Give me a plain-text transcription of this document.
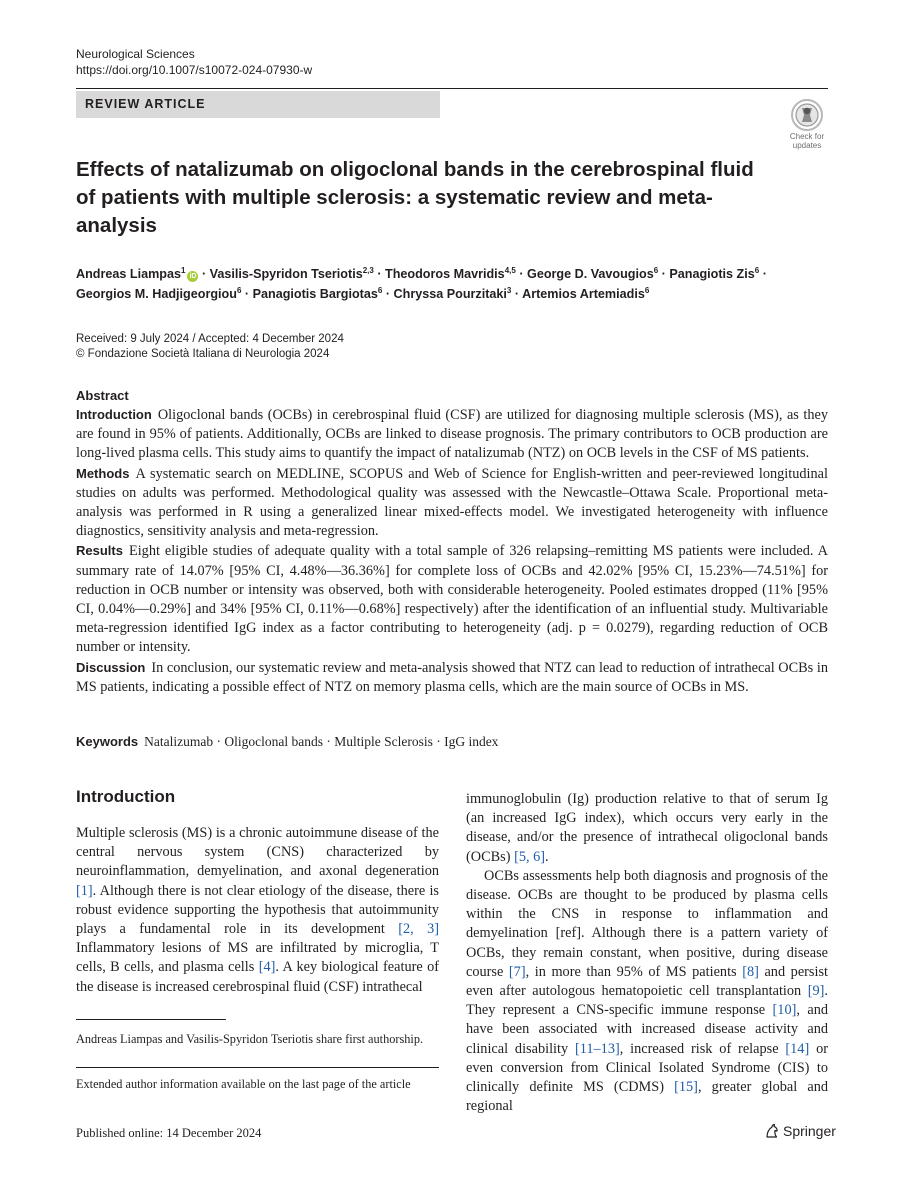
Neurological Sciences
https://doi.org/10.1007/s10072-024-07930-w
REVIEW ARTICLE
Check for
updates
Effects of natalizumab on oligoclonal bands in the cerebrospinal fluid of patients with multiple sclerosis: a systematic review and meta-analysis
Andreas Liampas$^1$iD · Vasilis-Spyridon Tseriotis$^{2,3}$ · Theodoros Mavridis$^{4,5}$ · George D. Vavougios$^6$ · Panagiotis Zis$^6$ ·
Georgios M. Hadjigeorgiou$^6$ · Panagiotis Bargiotas$^6$ · Chryssa Pourzitaki$^3$ · Artemios Artemiadis$^6$
Received: 9 July 2024 / Accepted: 4 December 2024
© Fondazione Società Italiana di Neurologia 2024
Abstract

Introduction Oligoclonal bands (OCBs) in cerebrospinal fluid (CSF) are utilized for diagnosing multiple sclerosis (MS), as they are found in 95% of patients. Additionally, OCBs are linked to disease prognosis. The primary contributors to OCB production are long-lived plasma cells. This study aims to quantify the impact of natalizumab (NTZ) on OCB levels in the CSF of MS patients.

Methods A systematic search on MEDLINE, SCOPUS and Web of Science for English-written and peer-reviewed longitudinal studies on adults was performed. Methodological quality was assessed with the Newcastle–Ottawa Scale. Proportional meta-analysis was performed in R using a generalized linear mixed-effects model. We investigated heterogeneity with influence diagnostics, sensitivity analysis and meta-regression.

Results Eight eligible studies of adequate quality with a total sample of 326 relapsing–remitting MS patients were included. A summary rate of 14.07% [95% CI, 4.48%—36.36%] for complete loss of OCBs and 42.02% [95% CI, 15.23%—74.51%] for reduction in OCB number or intensity was observed, both with considerable heterogeneity. Pooled estimates dropped (11% [95% CI, 0.04%—0.29%] and 34% [95% CI, 0.11%—0.68%] respectively) after the identification of an influential study. Multivariable meta-regression identified IgG index as a factor contributing to heterogeneity (adj. p = 0.0279), regarding reduction of OCB number or intensity.

Discussion In conclusion, our systematic review and meta-analysis showed that NTZ can lead to reduction of intrathecal OCBs in MS patients, indicating a possible effect of NTZ on memory plasma cells, which are the main source of OCBs in MS.

Keywords Natalizumab · Oligoclonal bands · Multiple Sclerosis · IgG index
Introduction

Multiple sclerosis (MS) is a chronic autoimmune disease of the central nervous system (CNS) characterized by neuroinflammation, demyelination, and axonal degeneration [1]. Although there is not clear etiology of the disease, there is robust evidence supporting the hypothesis that autoimmunity plays a fundamental role in its development [2, 3] Inflammatory lesions of MS are infiltrated by microglia, T cells, B cells, and plasma cells [4]. A key biological feature of the disease is increased cerebrospinal fluid (CSF) intrathecal

immunoglobulin (Ig) production relative to that of serum Ig (an increased IgG index), which occurs very early in the disease, and/or the presence of intrathecal oligoclonal bands (OCBs) [5, 6].

OCBs assessments help both diagnosis and prognosis of the disease. OCBs are thought to be produced by plasma cells within the CNS in response to inflammation and demyelination [ref]. Although there is a pattern variety of OCBs, they remain constant, when positive, during disease course [7], in more than 95% of MS patients [8] and persist even after autologous hematopoietic cell transplantation [9]. They represent a CNS-specific immune response [10], and have been associated with increased disease activity and clinical disability [11–13], increased risk of relapse [14] or even conversion from Clinical Isolated Syndrome (CIS) to clinically definite MS (CDMS) [15], greater global and regional

Andreas Liampas and Vasilis-Spyridon Tseriotis share first authorship.
Extended author information available on the last page of the article
Published online: 14 December 2024	Springer
